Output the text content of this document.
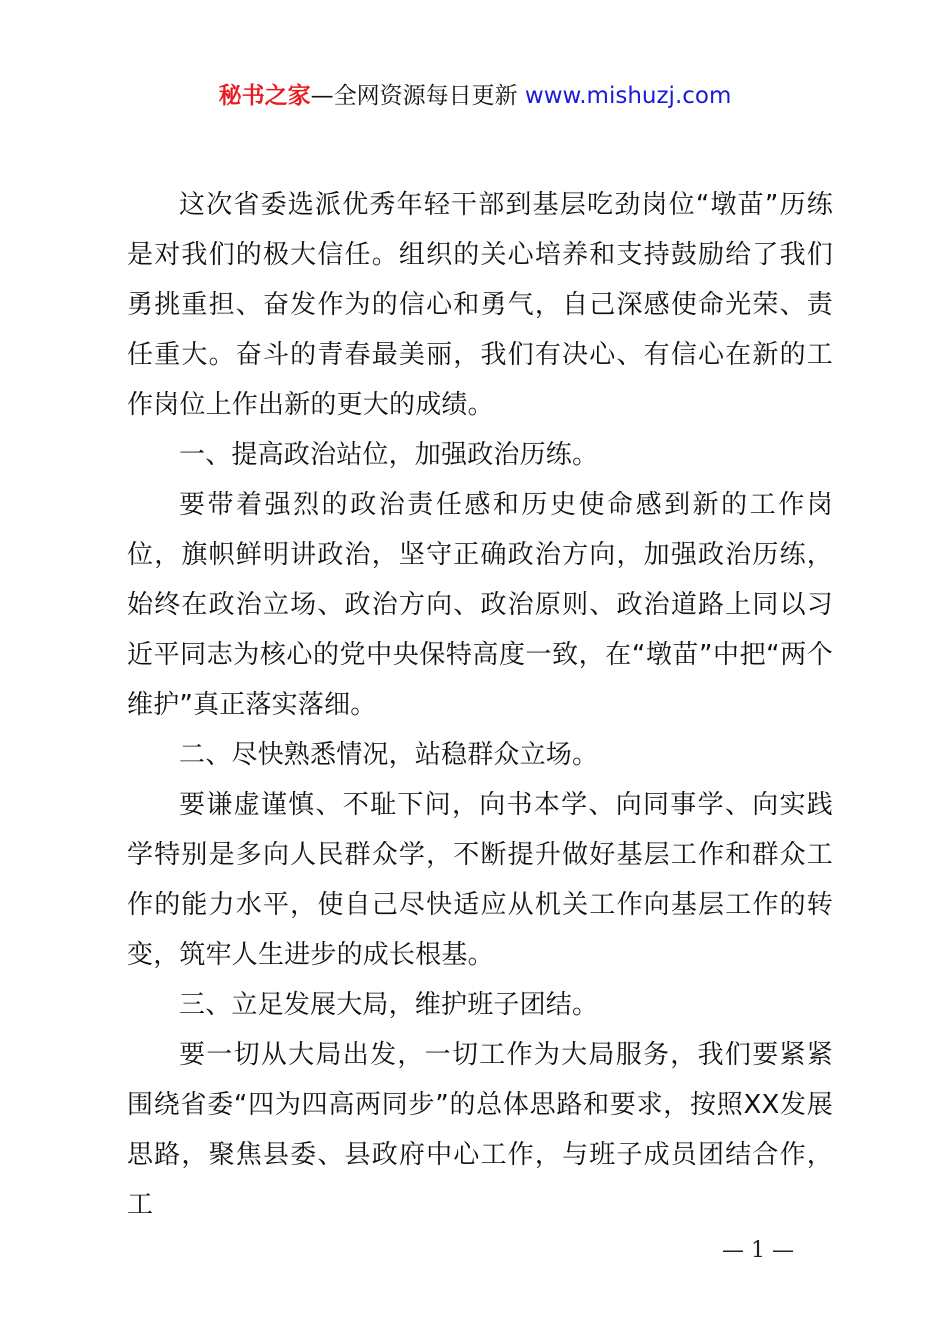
秘书之家—全网资源每日更新 www.mishuzj.com

这次省委选派优秀年轻干部到基层吃劲岗位“墩苗”历练是对我们的极大信任。组织的关心培养和支持鼓励给了我们勇挑重担、奋发作为的信心和勇气，自己深感使命光荣、责任重大。奋斗的青春最美丽，我们有决心、有信心在新的工作岗位上作出新的更大的成绩。

一、提高政治站位，加强政治历练。

要带着强烈的政治责任感和历史使命感到新的工作岗位，旗帜鲜明讲政治，坚守正确政治方向，加强政治历练，始终在政治立场、政治方向、政治原则、政治道路上同以习近平同志为核心的党中央保特高度一致，在“墩苗”中把“两个维护”真正落实落细。

二、尽快熟悉情况，站稳群众立场。

要谦虚谨慎、不耻下问，向书本学、向同事学、向实践学特别是多向人民群众学，不断提升做好基层工作和群众工作的能力水平，使自己尽快适应从机关工作向基层工作的转变，筑牢人生进步的成长根基。

三、立足发展大局，维护班子团结。

要一切从大局出发，一切工作为大局服务，我们要紧紧围绕省委“四为四高两同步”的总体思路和要求，按照XX发展思路，聚焦县委、县政府中心工作，与班子成员团结合作，工

— 1 —
